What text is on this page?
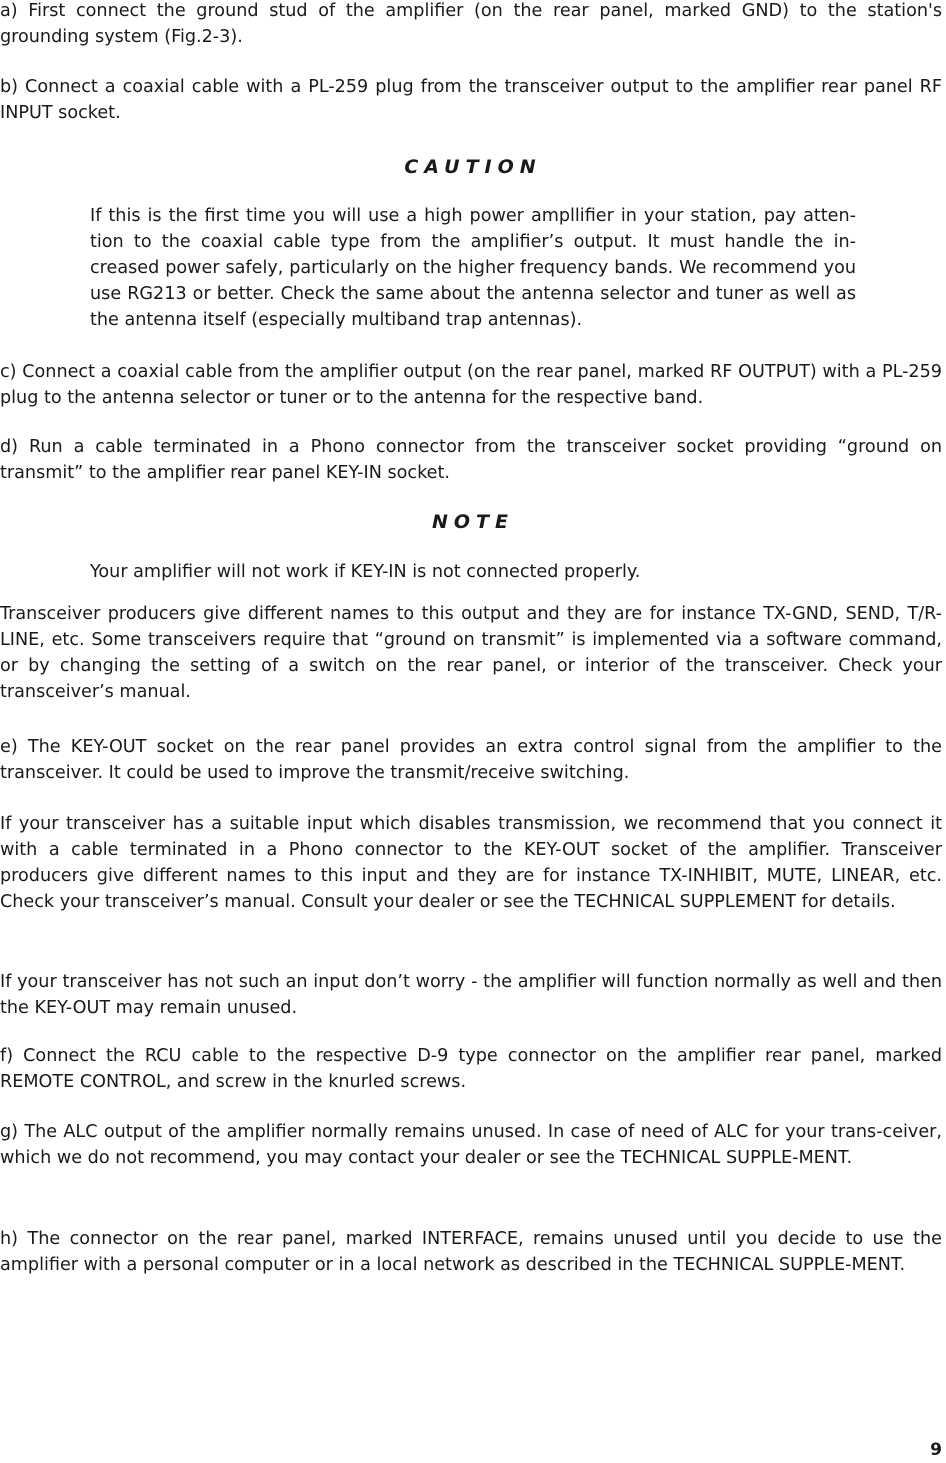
a) First connect the ground stud of the amplifier (on the rear panel, marked GND) to the station's grounding system (Fig.2-3).

b) Connect a coaxial cable with a PL-259 plug from the transceiver output to the amplifier rear panel RF INPUT socket.

CAUTION

If this is the first time you will use a high power ampllifier in your station, pay atten-tion to the coaxial cable type from the amplifier’s output. It must handle the in-creased power safely, particularly on the higher frequency bands. We recommend you use RG213 or better. Check the same about the antenna selector and tuner as well as the antenna itself (especially multiband trap antennas).

c) Connect a coaxial cable from the amplifier output (on the rear panel, marked RF OUTPUT) with a PL-259 plug to the antenna selector or tuner or to the antenna for the respective band.

d) Run a cable terminated in a Phono connector from the transceiver socket providing “ground on transmit” to the amplifier rear panel KEY-IN socket.

NOTE

Your amplifier will not work if KEY-IN is not connected properly.

Transceiver producers give different names to this output and they are for instance TX-GND, SEND, T/R-LINE, etc. Some transceivers require that “ground on transmit” is implemented via a software command, or by changing the setting of a switch on the rear panel, or interior of the transceiver. Check your transceiver’s manual.

e) The KEY-OUT socket on the rear panel provides an extra control signal from the amplifier to the transceiver. It could be used to improve the transmit/receive switching.

If your transceiver has a suitable input which disables transmission, we recommend that you connect it with a cable terminated in a Phono connector to the KEY-OUT socket of the amplifier. Transceiver producers give different names to this input and they are for instance TX-INHIBIT, MUTE, LINEAR, etc. Check your transceiver’s manual. Consult your dealer or see the TECHNICAL SUPPLEMENT for details.

If your transceiver has not such an input don’t worry - the amplifier will function normally as well and then the KEY-OUT may remain unused.

f) Connect the RCU cable to the respective D-9 type connector on the amplifier rear panel, marked REMOTE CONTROL, and screw in the knurled screws.

g) The ALC output of the amplifier normally remains unused. In case of need of ALC for your trans-ceiver, which we do not recommend, you may contact your dealer or see the TECHNICAL SUPPLE-MENT.

h) The connector on the rear panel, marked INTERFACE, remains unused until you decide to use the amplifier with a personal computer or in a local network as described in the TECHNICAL SUPPLE-MENT.

9
